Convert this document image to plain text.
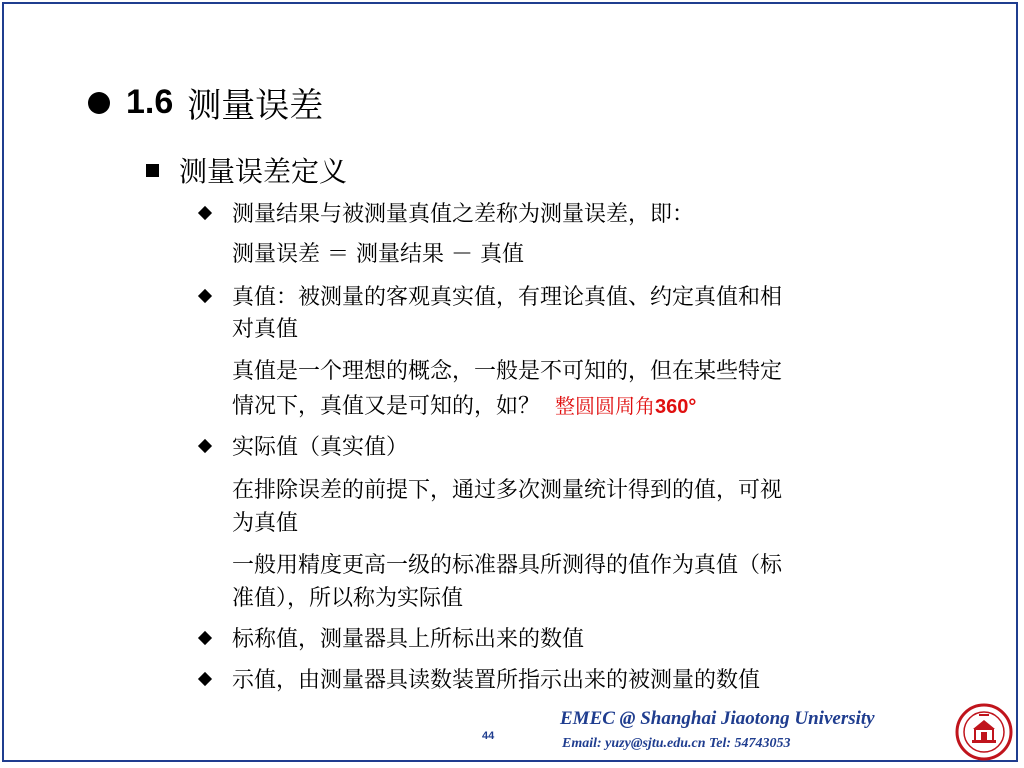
1.6 测量误差
测量误差定义
测量结果与被测量真值之差称为测量误差，即：
测量误差 ＝ 测量结果 － 真值
真值：被测量的客观真实值，有理论真值、约定真值和相
对真值
真值是一个理想的概念，一般是不可知的，但在某些特定
情况下，真值又是可知的，如？ 整圆圆周角360°
实际值（真实值）
在排除误差的前提下，通过多次测量统计得到的值，可视
为真值
一般用精度更高一级的标准器具所测得的值作为真值（标
准值），所以称为实际值
标称值，测量器具上所标出来的数值
示值，由测量器具读数装置所指示出来的被测量的数值
44
EMEC @ Shanghai Jiaotong University
Email: yuzy@sjtu.edu.cn Tel: 54743053
